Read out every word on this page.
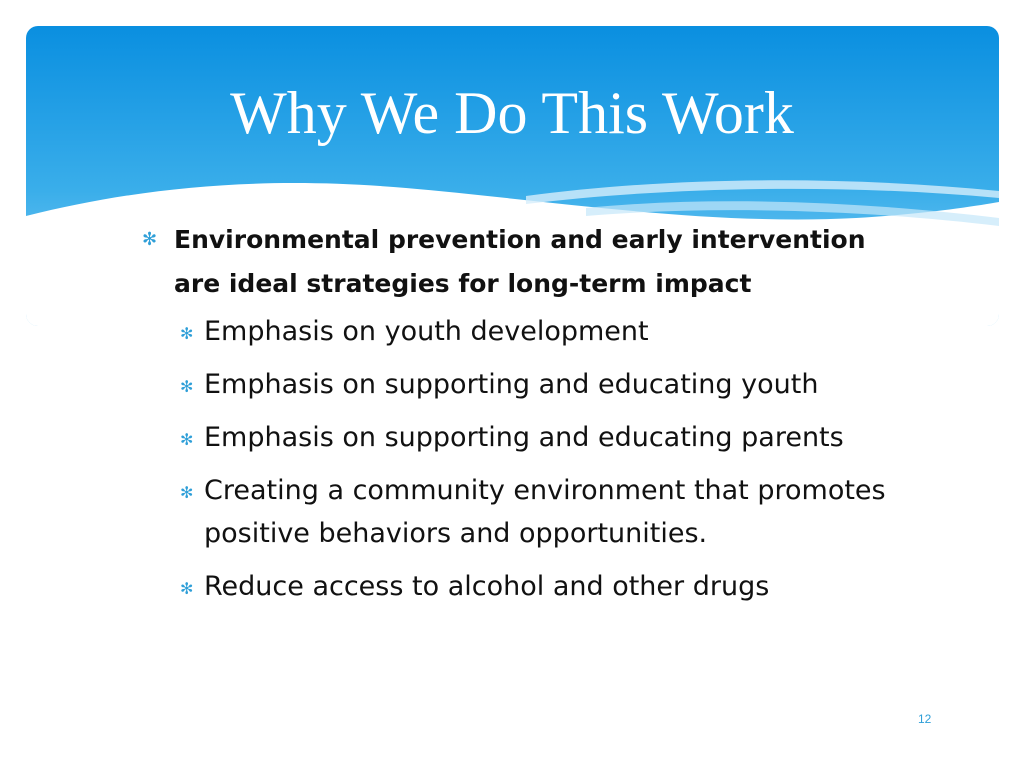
Why We Do This Work

✻ Environmental prevention and early intervention are ideal strategies for long-term impact

✻ Emphasis on youth development

✻ Emphasis on supporting and educating youth

✻ Emphasis on supporting and educating parents

✻ Creating a community environment that promotes positive behaviors and opportunities.

✻ Reduce access to alcohol and other drugs

12
